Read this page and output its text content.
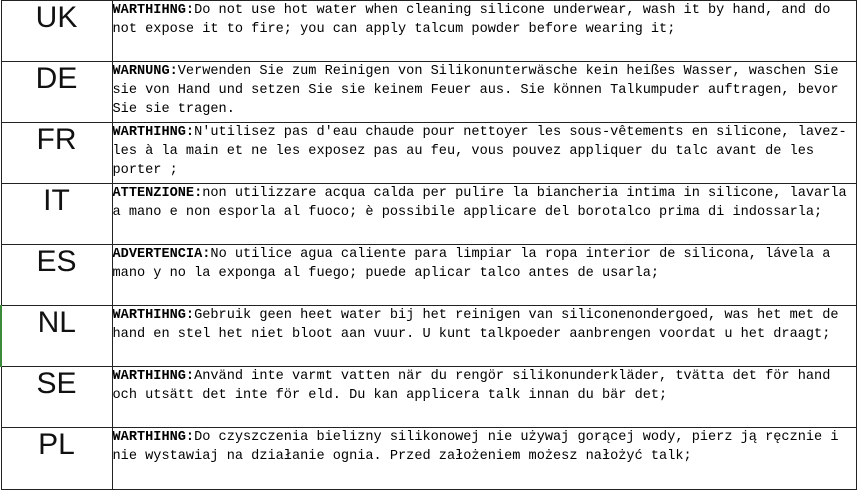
UK	WARTHIHNG:Do not use hot water when cleaning silicone underwear, wash it by hand, and do not expose it to fire; you can apply talcum powder before wearing it;
DE	WARNUNG:Verwenden Sie zum Reinigen von Silikonunterwäsche kein heißes Wasser, waschen Sie sie von Hand und setzen Sie sie keinem Feuer aus. Sie können Talkumpuder auftragen, bevor Sie sie tragen.
FR	WARTHIHNG:N'utilisez pas d'eau chaude pour nettoyer les sous-vêtements en silicone, lavez-les à la main et ne les exposez pas au feu, vous pouvez appliquer du talc avant de les porter ;
IT	ATTENZIONE:non utilizzare acqua calda per pulire la biancheria intima in silicone, lavarla a mano e non esporla al fuoco; è possibile applicare del borotalco prima di indossarla;
ES	ADVERTENCIA:No utilice agua caliente para limpiar la ropa interior de silicona, lávela a mano y no la exponga al fuego; puede aplicar talco antes de usarla;
NL	WARTHIHNG:Gebruik geen heet water bij het reinigen van siliconenondergoed, was het met de hand en stel het niet bloot aan vuur. U kunt talkpoeder aanbrengen voordat u het draagt;
SE	WARTHIHNG:Använd inte varmt vatten när du rengör silikonunderkläder, tvätta det för hand och utsätt det inte för eld. Du kan applicera talk innan du bär det;
PL	WARTHIHNG:Do czyszczenia bielizny silikonowej nie używaj gorącej wody, pierz ją ręcznie i nie wystawiaj na działanie ognia. Przed założeniem możesz nałożyć talk;
